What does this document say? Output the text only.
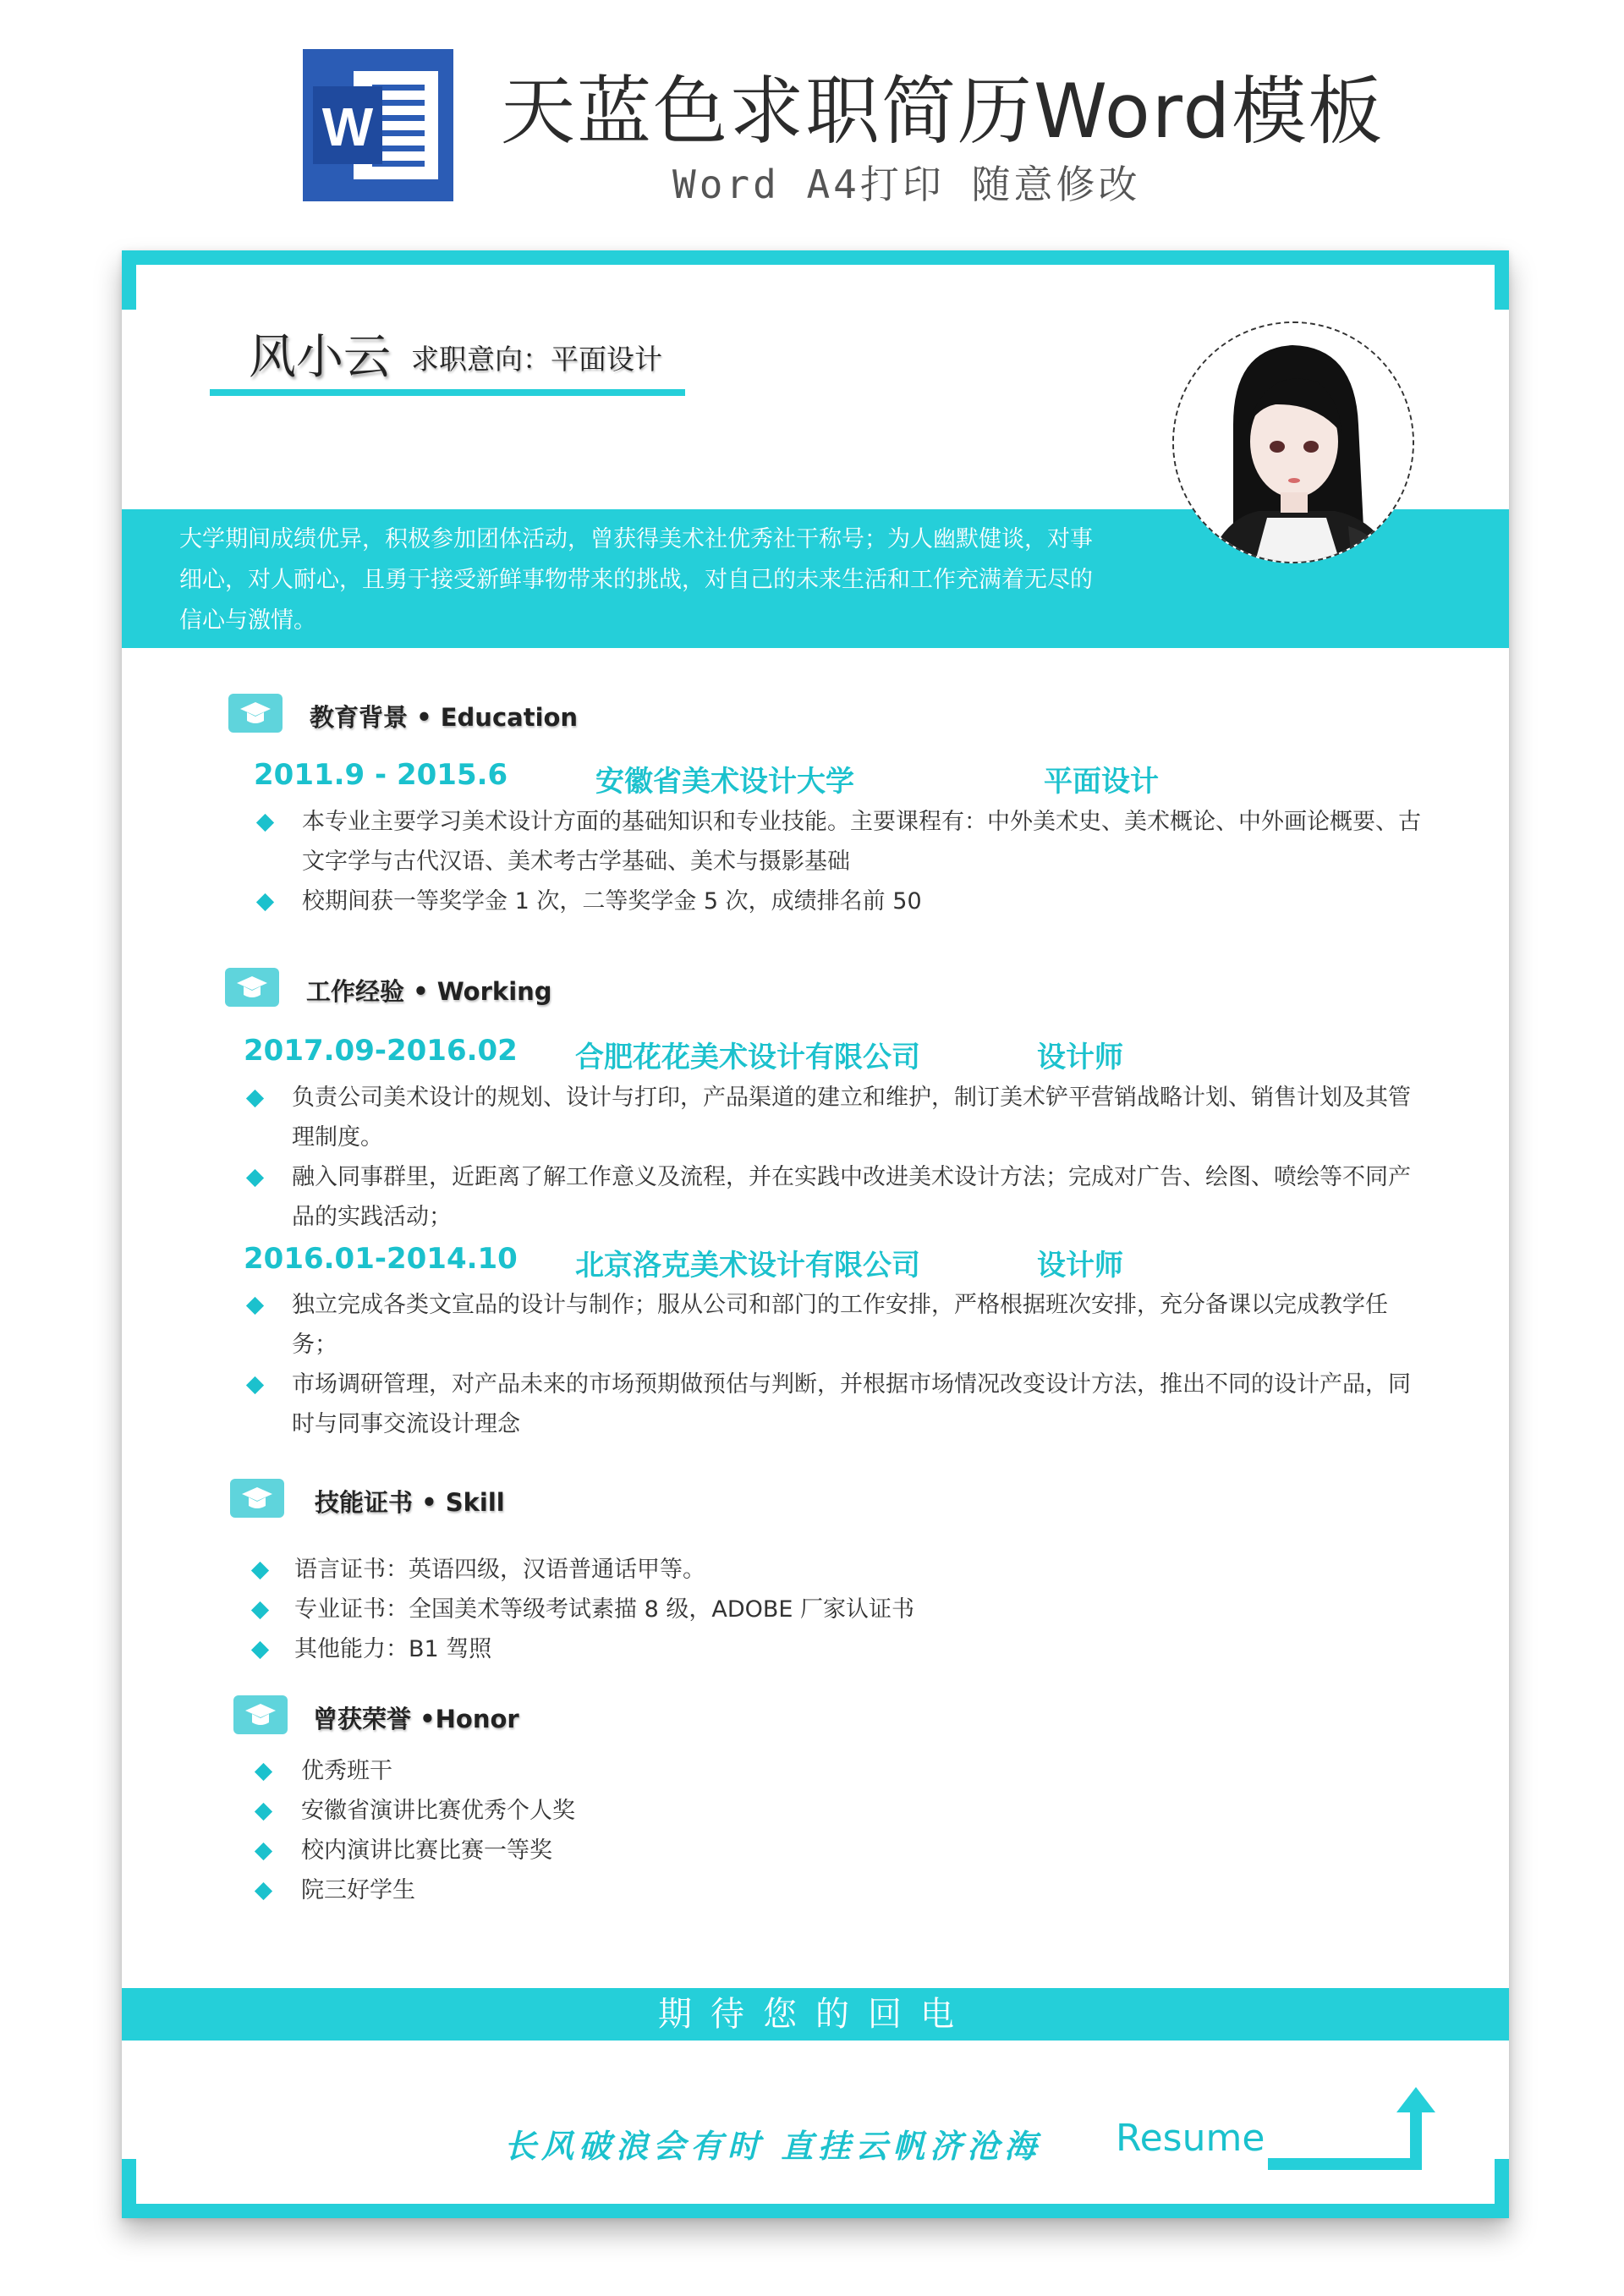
W 天蓝色求职简历Word模板
Word A4打印 随意修改
风小云 求职意向：平面设计
大学期间成绩优异，积极参加团体活动，曾获得美术社优秀社干称号；为人幽默健谈，对事细心，对人耐心，且勇于接受新鲜事物带来的挑战，对自己的未来生活和工作充满着无尽的信心与激情。
教育背景 • Education
2011.9 - 2015.6	安徽省美术设计大学	平面设计
本专业主要学习美术设计方面的基础知识和专业技能。主要课程有：中外美术史、美术概论、中外画论概要、古文字学与古代汉语、美术考古学基础、美术与摄影基础
校期间获一等奖学金 1 次，二等奖学金 5 次，成绩排名前 50
工作经验 • Working
2017.09-2016.02 合肥花花美术设计有限公司	设计师
负责公司美术设计的规划、设计与打印，产品渠道的建立和维护，制订美术铲平营销战略计划、销售计划及其管理制度。
融入同事群里，近距离了解工作意义及流程，并在实践中改进美术设计方法；完成对广告、绘图、喷绘等不同产品的实践活动；
2016.01-2014.10 北京洛克美术设计有限公司	设计师
独立完成各类文宣品的设计与制作；服从公司和部门的工作安排，严格根据班次安排，充分备课以完成教学任务；
市场调研管理，对产品未来的市场预期做预估与判断，并根据市场情况改变设计方法，推出不同的设计产品，同时与同事交流设计理念
技能证书 • Skill
语言证书：英语四级，汉语普通话甲等。
专业证书：全国美术等级考试素描 8 级，ADOBE 厂家认证书
其他能力：B1 驾照
曾获荣誉 •Honor
优秀班干
安徽省演讲比赛优秀个人奖
校内演讲比赛比赛一等奖
院三好学生
期待您的回电
长风破浪会有时 直挂云帆济沧海 Resume
